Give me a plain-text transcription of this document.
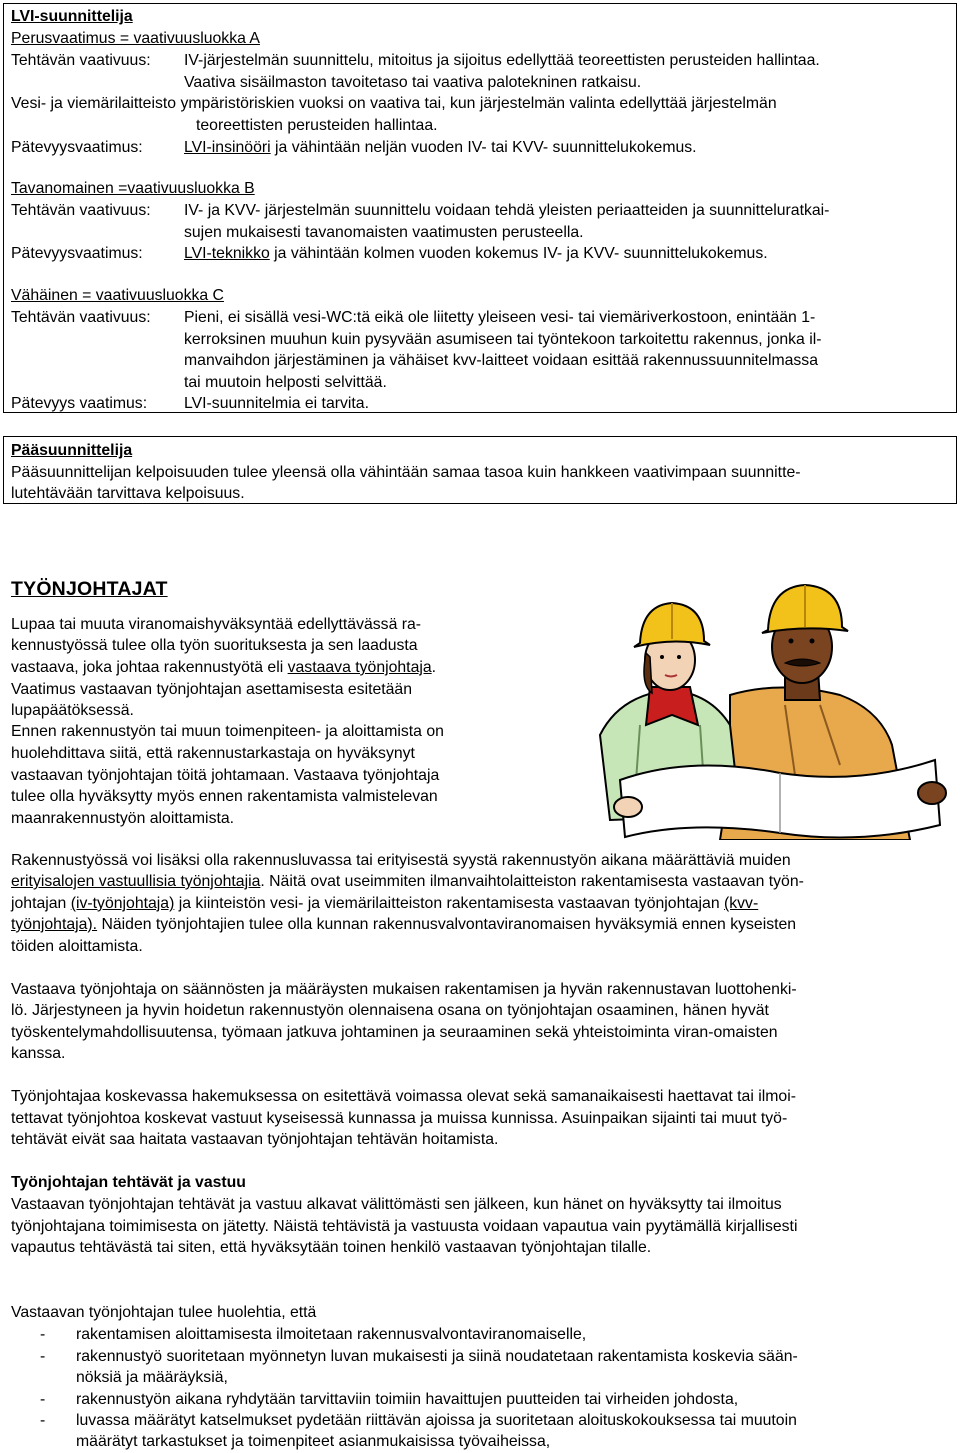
LVI-suunnittelija
Perusvaatimus = vaativuusluokka A
Tehtävän vaativuus: IV-järjestelmän suunnittelu, mitoitus ja sijoitus edellyttää teoreettisten perusteiden hallintaa.
Vaativa sisäilmaston tavoitetaso tai vaativa palotekninen ratkaisu.
Vesi- ja viemärilaitteisto ympäristöriskien vuoksi on vaativa tai, kun järjestelmän valinta edellyttää järjestelmän
teoreettisten perusteiden hallintaa.
Pätevyysvaatimus:	LVI-insinööri ja vähintään neljän vuoden IV- tai KVV- suunnittelukokemus.
Tavanomainen =vaativuusluokka B
Tehtävän vaativuus: IV- ja KVV- järjestelmän suunnittelu voidaan tehdä yleisten periaatteiden ja suunnitteluratkai-
sujen mukaisesti tavanomaisten vaatimusten perusteella.
Pätevyysvaatimus:	LVI-teknikko ja vähintään kolmen vuoden kokemus IV- ja KVV- suunnittelukokemus.
Vähäinen = vaativuusluokka C
Tehtävän vaativuus: Pieni, ei sisällä vesi-WC:tä eikä ole liitetty yleiseen vesi- tai viemäriverkostoon, enintään 1-
kerroksinen muuhun kuin pysyvään asumiseen tai työntekoon tarkoitettu rakennus, jonka il-
manvaihdon järjestäminen ja vähäiset kvv-laitteet voidaan esittää rakennussuunnitelmassa
tai muutoin helposti selvittää.
Pätevyys vaatimus: LVI-suunnitelmia ei tarvita.
Pääsuunnittelija
Pääsuunnittelijan kelpoisuuden tulee yleensä olla vähintään samaa tasoa kuin hankkeen vaativimpaan suunnitte-
lutehtävään tarvittava kelpoisuus.
TYÖNJOHTAJAT
Lupaa tai muuta viranomaishyväksyntää edellyttävässä ra-
kennustyössä tulee olla työn suorituksesta ja sen laadusta
vastaava, joka johtaa rakennustyötä eli vastaava työnjohtaja.
Vaatimus vastaavan työnjohtajan asettamisesta esitetään
lupapäätöksessä.
Ennen rakennustyön tai muun toimenpiteen- ja aloittamista on
huolehdittava siitä, että rakennustarkastaja on hyväksynyt
vastaavan työnjohtajan töitä johtamaan. Vastaava työnjohtaja
tulee olla hyväksytty myös ennen rakentamista valmistelevan
maanrakennustyön aloittamista.
Rakennustyössä voi lisäksi olla rakennusluvassa tai erityisestä syystä rakennustyön aikana määrättäviä muiden
erityisalojen vastuullisia työnjohtajia. Näitä ovat useimmiten ilmanvaihtolaitteiston rakentamisesta vastaavan työn-
johtajan (iv-työnjohtaja) ja kiinteistön vesi- ja viemärilaitteiston rakentamisesta vastaavan työnjohtajan (kvv-
työnjohtaja). Näiden työnjohtajien tulee olla kunnan rakennusvalvontaviranomaisen hyväksymiä ennen kyseisten
töiden aloittamista.
Vastaava työnjohtaja on säännösten ja määräysten mukaisen rakentamisen ja hyvän rakennustavan luottohenki-
lö. Järjestyneen ja hyvin hoidetun rakennustyön olennaisena osana on työnjohtajan osaaminen, hänen hyvät
työskentelymahdollisuutensa, työmaan jatkuva johtaminen ja seuraaminen sekä yhteistoiminta viran-omaisten
kanssa.
Työnjohtajaa koskevassa hakemuksessa on esitettävä voimassa olevat sekä samanaikaisesti haettavat tai ilmoi-
tettavat työnjohtoa koskevat vastuut kyseisessä kunnassa ja muissa kunnissa. Asuinpaikan sijainti tai muut työ-
tehtävät eivät saa haitata vastaavan työnjohtajan tehtävän hoitamista.
Työnjohtajan tehtävät ja vastuu
Vastaavan työnjohtajan tehtävät ja vastuu alkavat välittömästi sen jälkeen, kun hänet on hyväksytty tai ilmoitus
työnjohtajana toimimisesta on jätetty. Näistä tehtävistä ja vastuusta voidaan vapautua vain pyytämällä kirjallisesti
vapautus tehtävästä tai siten, että hyväksytään toinen henkilö vastaavan työnjohtajan tilalle.
Vastaavan työnjohtajan tulee huolehtia, että
- rakentamisen aloittamisesta ilmoitetaan rakennusvalvontaviranomaiselle,
- rakennustyö suoritetaan myönnetyn luvan mukaisesti ja siinä noudatetaan rakentamista koskevia sään-
nöksiä ja määräyksiä,
- rakennustyön aikana ryhdytään tarvittaviin toimiin havaittujen puutteiden tai virheiden johdosta,
- luvassa määrätyt katselmukset pydetään riittävän ajoissa ja suoritetaan aloituskokouksessa tai muutoin
määrätyt tarkastukset ja toimenpiteet asianmukaisissa työvaiheissa,
